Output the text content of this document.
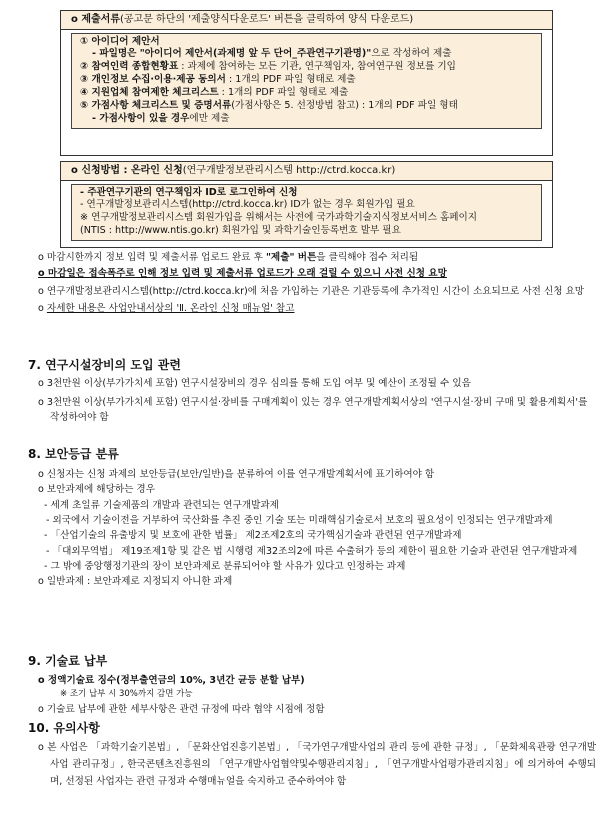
o 제출서류(공고문 하단의 '제출양식다운로드' 버튼을 클릭하여 양식 다운로드)
① 아이디어 제안서
- 파일명은 "아이디어 제안서(과제명 앞 두 단어_주관연구기관명)"으로 작성하여 제출
② 참여인력 종합현황표 : 과제에 참여하는 모든 기관, 연구책임자, 참여연구원 정보를 기입
③ 개인정보 수집·이용·제공 동의서 : 1개의 PDF 파일 형태로 제출
④ 지원업체 참여제한 체크리스트 : 1개의 PDF 파일 형태로 제출
⑤ 가점사항 체크리스트 및 증명서류(가점사항은 5. 선정방법 참고) : 1개의 PDF 파일 형태
- 가점사항이 있을 경우에만 제출
o 신청방법 : 온라인 신청(연구개발정보관리시스템 http://ctrd.kocca.kr)
- 주관연구기관의 연구책임자 ID로 로그인하여 신청
- 연구개발정보관리시스템(http://ctrd.kocca.kr) ID가 없는 경우 회원가입 필요
※ 연구개발정보관리시스템 회원가입을 위해서는 사전에 국가과학기술지식정보서비스 홈페이지
(NTIS : http://www.ntis.go.kr) 회원가입 및 과학기술인등록번호 발부 필요
o 마감시한까지 정보 입력 및 제출서류 업로드 완료 후 "제출" 버튼을 클릭해야 접수 처리됨
o 마감일은 접속폭주로 인해 정보 입력 및 제출서류 업로드가 오래 걸릴 수 있으니 사전 신청 요망
o 연구개발정보관리시스템(http://ctrd.kocca.kr)에 처음 가입하는 기관은 기관등록에 추가적인 시간이 소요되므로 사전 신청 요망
o 자세한 내용은 사업안내서상의 'Ⅱ. 온라인 신청 매뉴얼' 참고
7. 연구시설장비의 도입 관련
o 3천만원 이상(부가가치세 포함) 연구시설장비의 경우 심의를 통해 도입 여부 및 예산이 조정될 수 있음
o 3천만원 이상(부가가치세 포함) 연구시설·장비를 구매계획이 있는 경우 연구개발계획서상의 '연구시설·장비 구매 및 활용계획서'를 작성하여야 함
8. 보안등급 분류
o 신청자는 신청 과제의 보안등급(보안/일반)을 분류하여 이를 연구개발계획서에 표기하여야 함
o 보안과제에 해당하는 경우
- 세계 초일류 기술제품의 개발과 관련되는 연구개발과제
- 외국에서 기술이전을 거부하여 국산화를 추진 중인 기술 또는 미래핵심기술로서 보호의 필요성이 인정되는 연구개발과제
- 「산업기술의 유출방지 및 보호에 관한 법률」 제2조제2호의 국가핵심기술과 관련된 연구개발과제
- 「대외무역법」 제19조제1항 및 같은 법 시행령 제32조의2에 따른 수출허가 등의 제한이 필요한 기술과 관련된 연구개발과제
- 그 밖에 중앙행정기관의 장이 보안과제로 분류되어야 할 사유가 있다고 인정하는 과제
o 일반과제 : 보안과제로 지정되지 아니한 과제
9. 기술료 납부
o 정액기술료 징수(정부출연금의 10%, 3년간 균등 분할 납부)
※ 조기 납부 시 30%까지 감면 가능
o 기술료 납부에 관한 세부사항은 관련 규정에 따라 협약 시점에 정함
10. 유의사항
o 본 사업은 「과학기술기본법」, 「문화산업진흥기본법」, 「국가연구개발사업의 관리 등에 관한 규정」, 「문화체육관광 연구개발사업 관리규정」, 한국콘텐츠진흥원의 「연구개발사업협약및수행관리지침」, 「연구개발사업평가관리지침」에 의거하여 수행되며, 선정된 사업자는 관련 규정과 수행매뉴얼을 숙지하고 준수하여야 함
